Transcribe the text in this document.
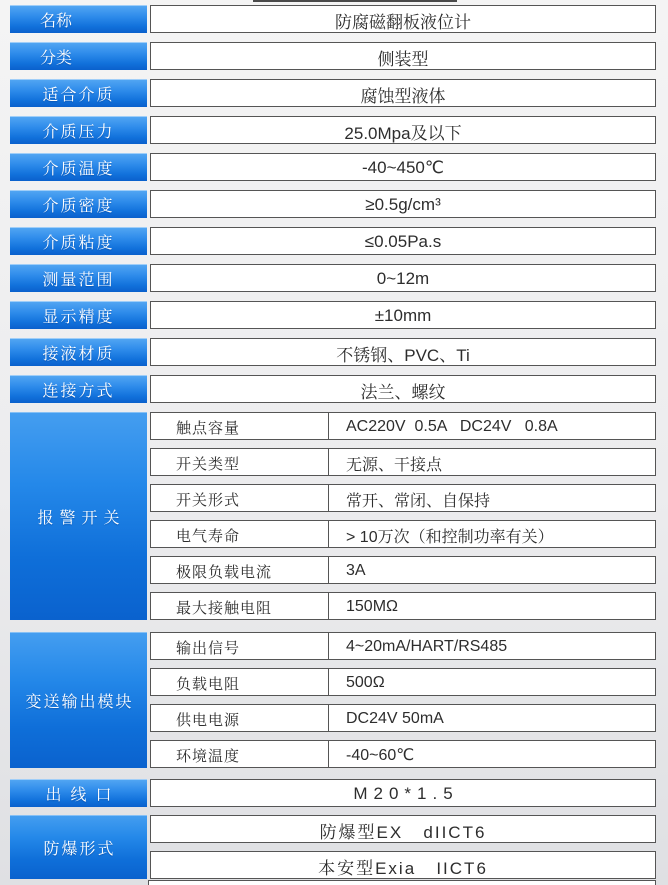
名称	防腐磁翻板液位计
分类	侧装型
适合介质	腐蚀型液体
介质压力	25.0Mpa及以下
介质温度	-40~450℃
介质密度	≥0.5g/cm³
介质粘度	≤0.05Pa.s
测量范围	0~12m
显示精度	±10mm
接液材质	不锈钢、PVC、Ti
连接方式	法兰、螺纹
报警开关
触点容量	AC220V  0.5A   DC24V   0.8A
开关类型	无源、干接点
开关形式	常开、常闭、自保持
电气寿命	> 10万次（和控制功率有关）
极限负载电流	3A
最大接触电阻	150MΩ
变送输出模块
输出信号	4~20mA/HART/RS485
负载电阻	500Ω
供电电源	DC24V 50mA
环境温度	-40~60℃
出线口	M20*1.5
防爆形式
防爆型EX   dIICT6
本安型Exia   IICT6
